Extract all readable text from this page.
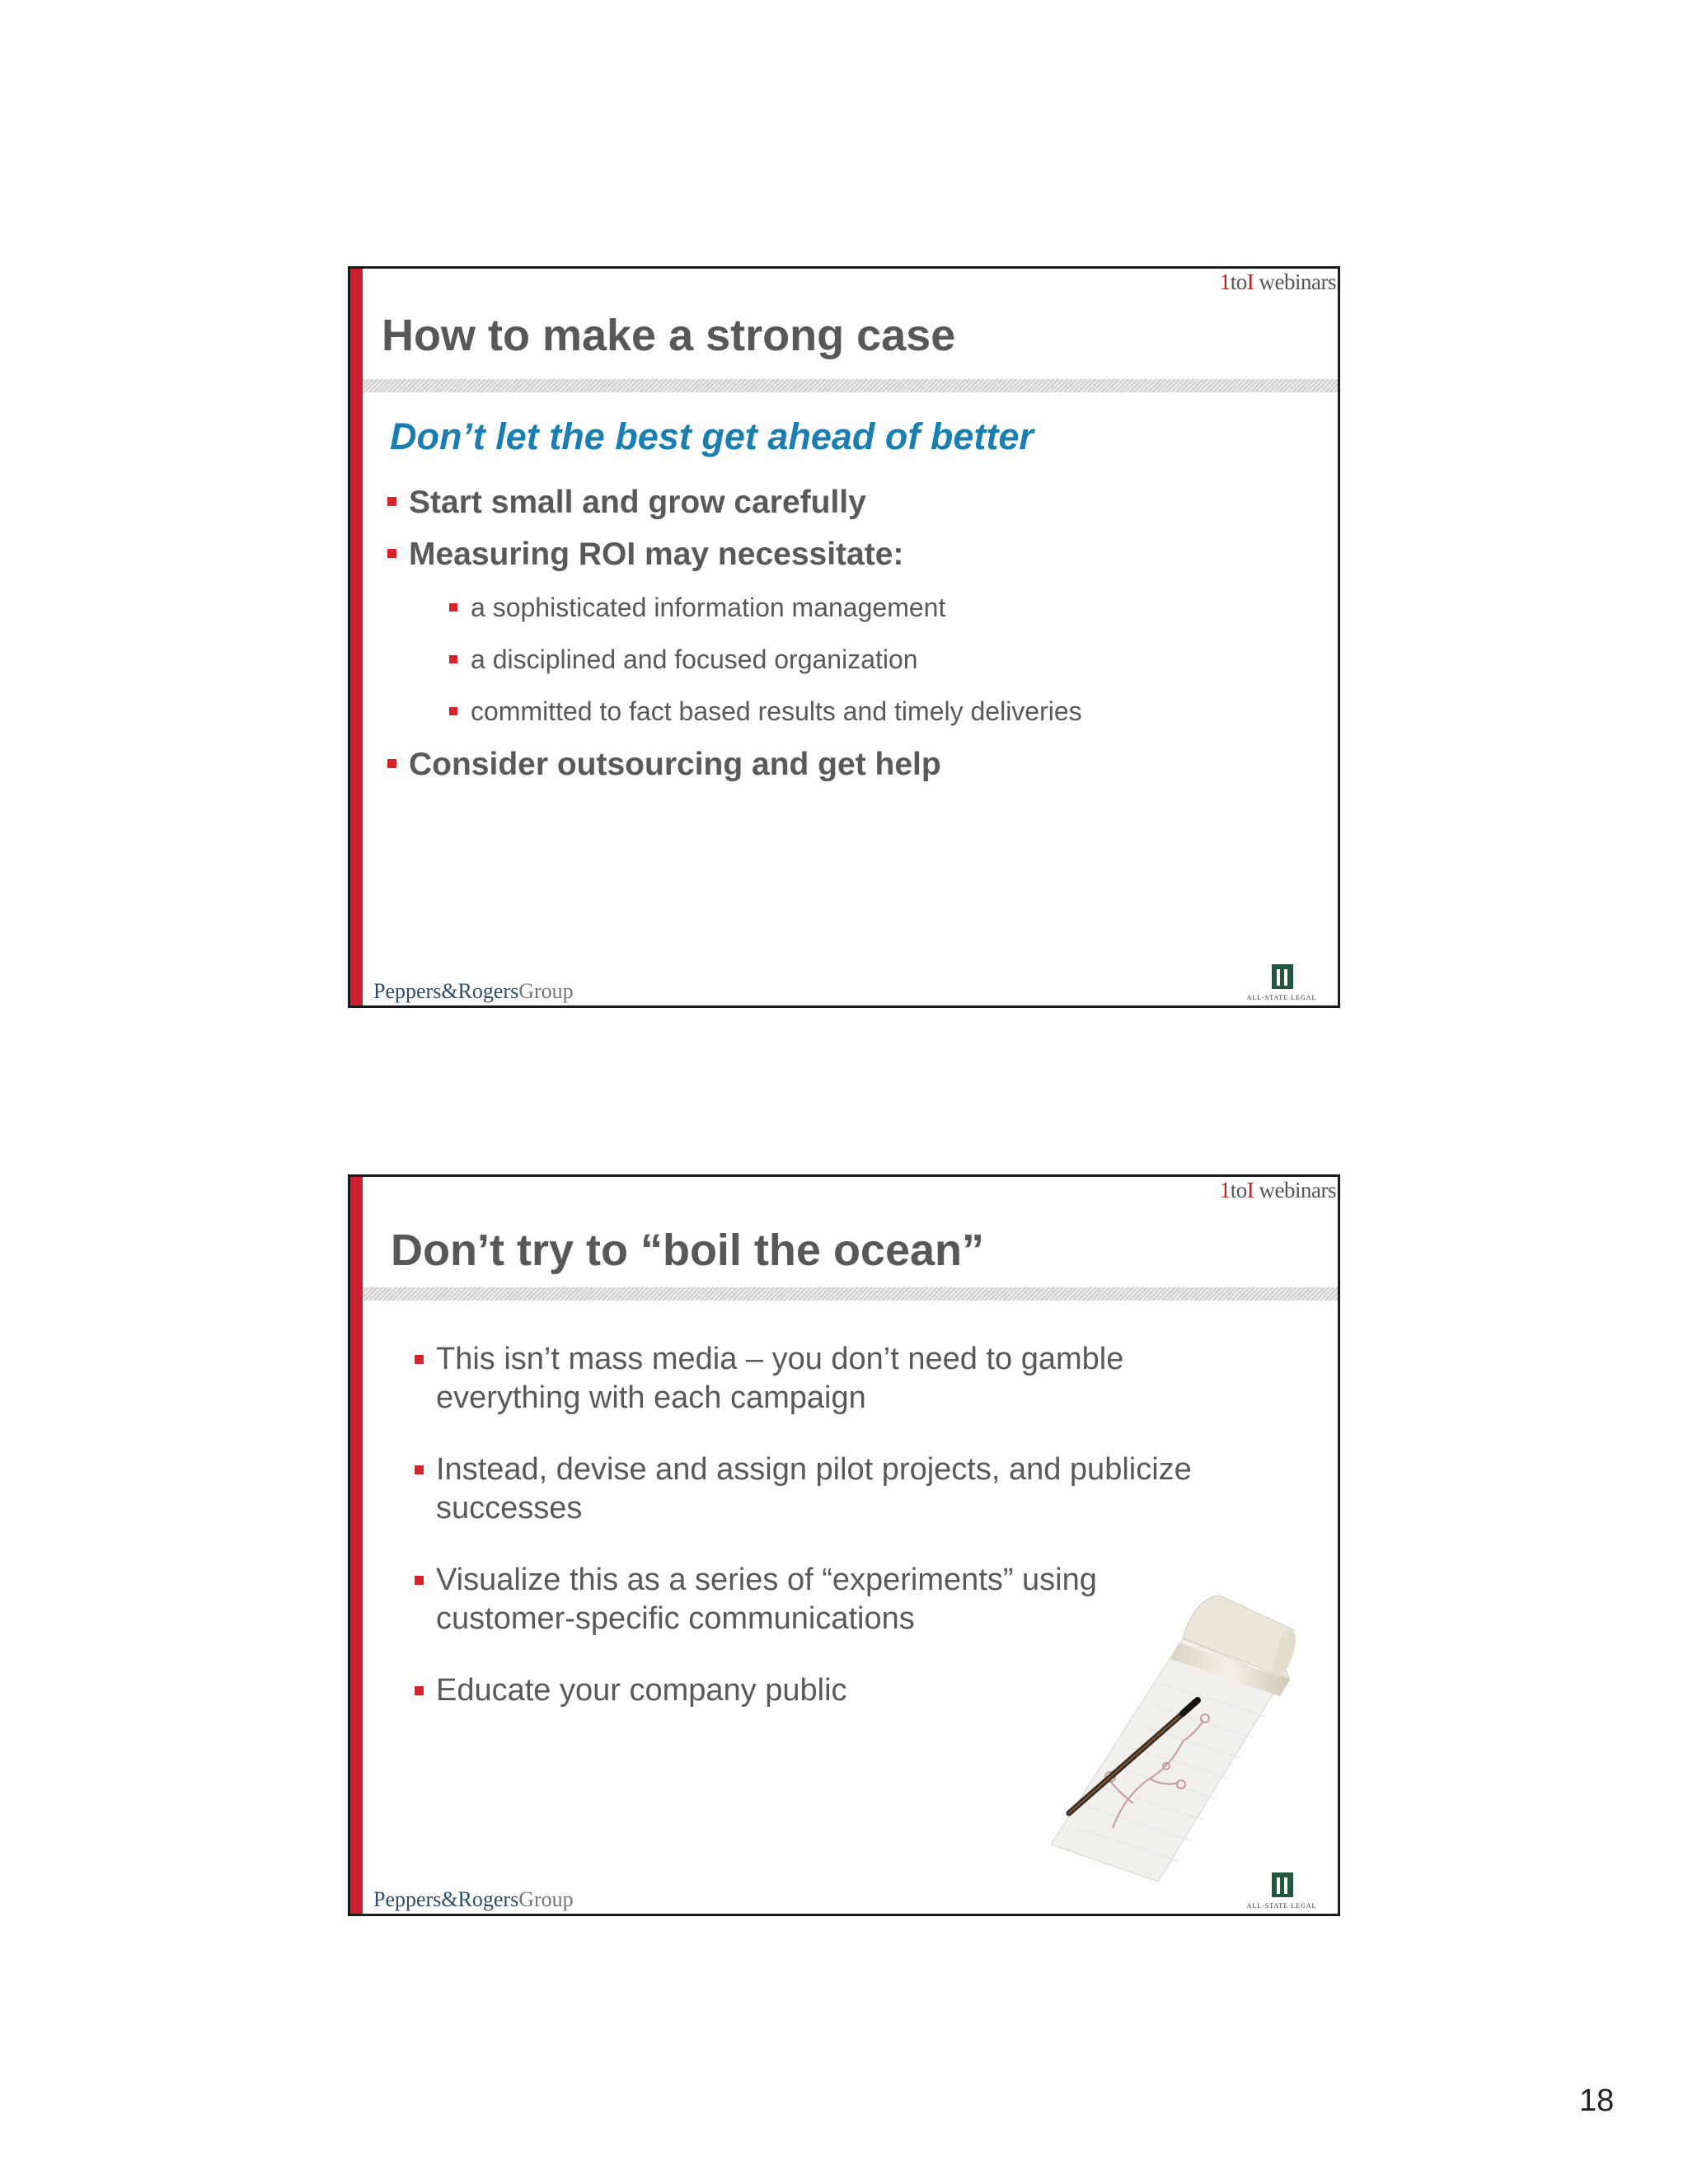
1toI webinars
How to make a strong case
Don’t let the best get ahead of better
Start small and grow carefully
Measuring ROI may necessitate:
a sophisticated information management
a disciplined and focused organization
committed to fact based results and timely deliveries
Consider outsourcing and get help
Peppers&RogersGroup	ALL-STATE LEGAL
1toI webinars
Don’t try to “boil the ocean”
This isn’t mass media – you don’t need to gamble
everything with each campaign
Instead, devise and assign pilot projects, and publicize
successes
Visualize this as a series of “experiments” using
customer-specific communications
Educate your company public
Peppers&RogersGroup	ALL-STATE LEGAL
18
